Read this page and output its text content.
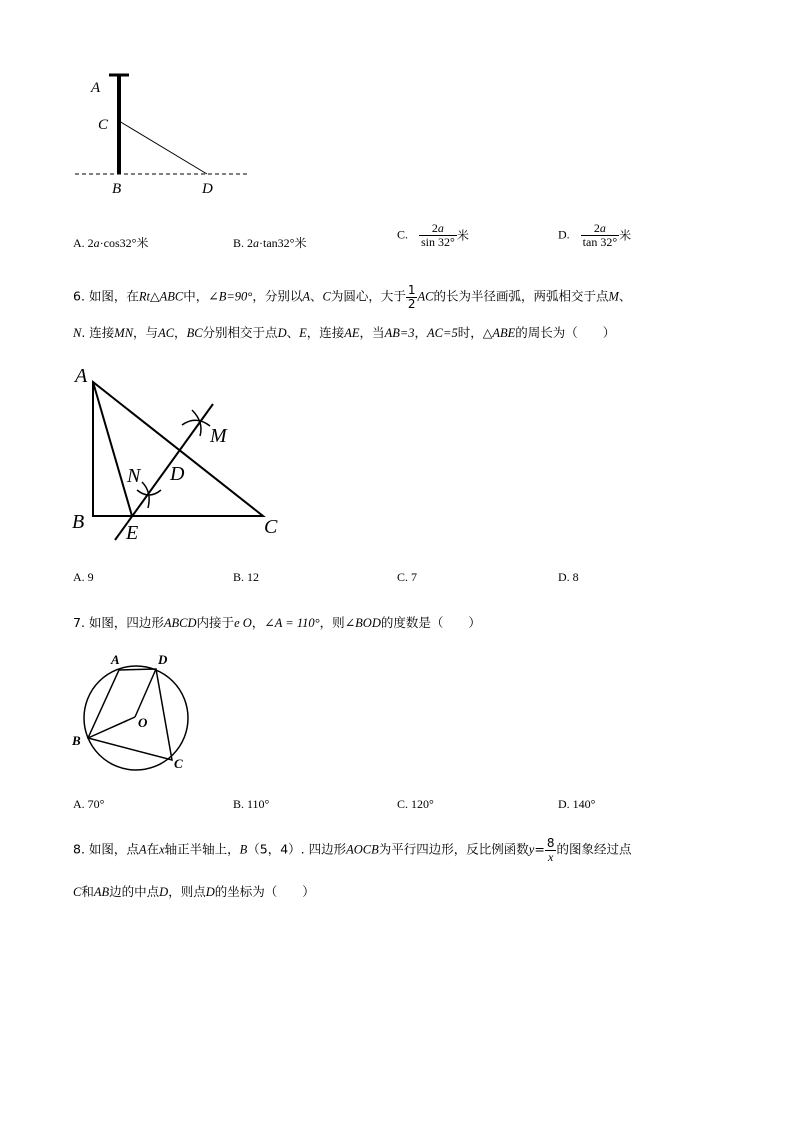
A
C
B	D
A. 2a·cos32°米	B. 2a·tan32°米
C. $\frac{2a}{\sin 32^\circ}$ 米	D. $\frac{2a}{\tan 32^\circ}$ 米
6. 如图，在Rt△ABC中，∠B=90°，分别以A、C为圆心，大于 $\frac{1}{2}$ AC的长为半径画弧，两弧相交于点M、
N. 连接MN，与AC，BC分别相交于点D、E，连接AE，当AB=3，AC=5时，△ABE的周长为（　　）
A
B	C
E
D
N
M
A. 9	B. 12	C. 7	D. 8
7. 如图，四边形ABCD内接于e O，∠A = 110°，则∠BOD的度数是（　　）
A	D
B
O
C
A. 70°	B. 110°	C. 120°	D. 140°
8. 如图，点A在x轴正半轴上，B（5，4）. 四边形AOCB为平行四边形，反比例函数$y= \frac{8}{x}$ 的图象经过点
C和AB边的中点D，则点D的坐标为（　　）
